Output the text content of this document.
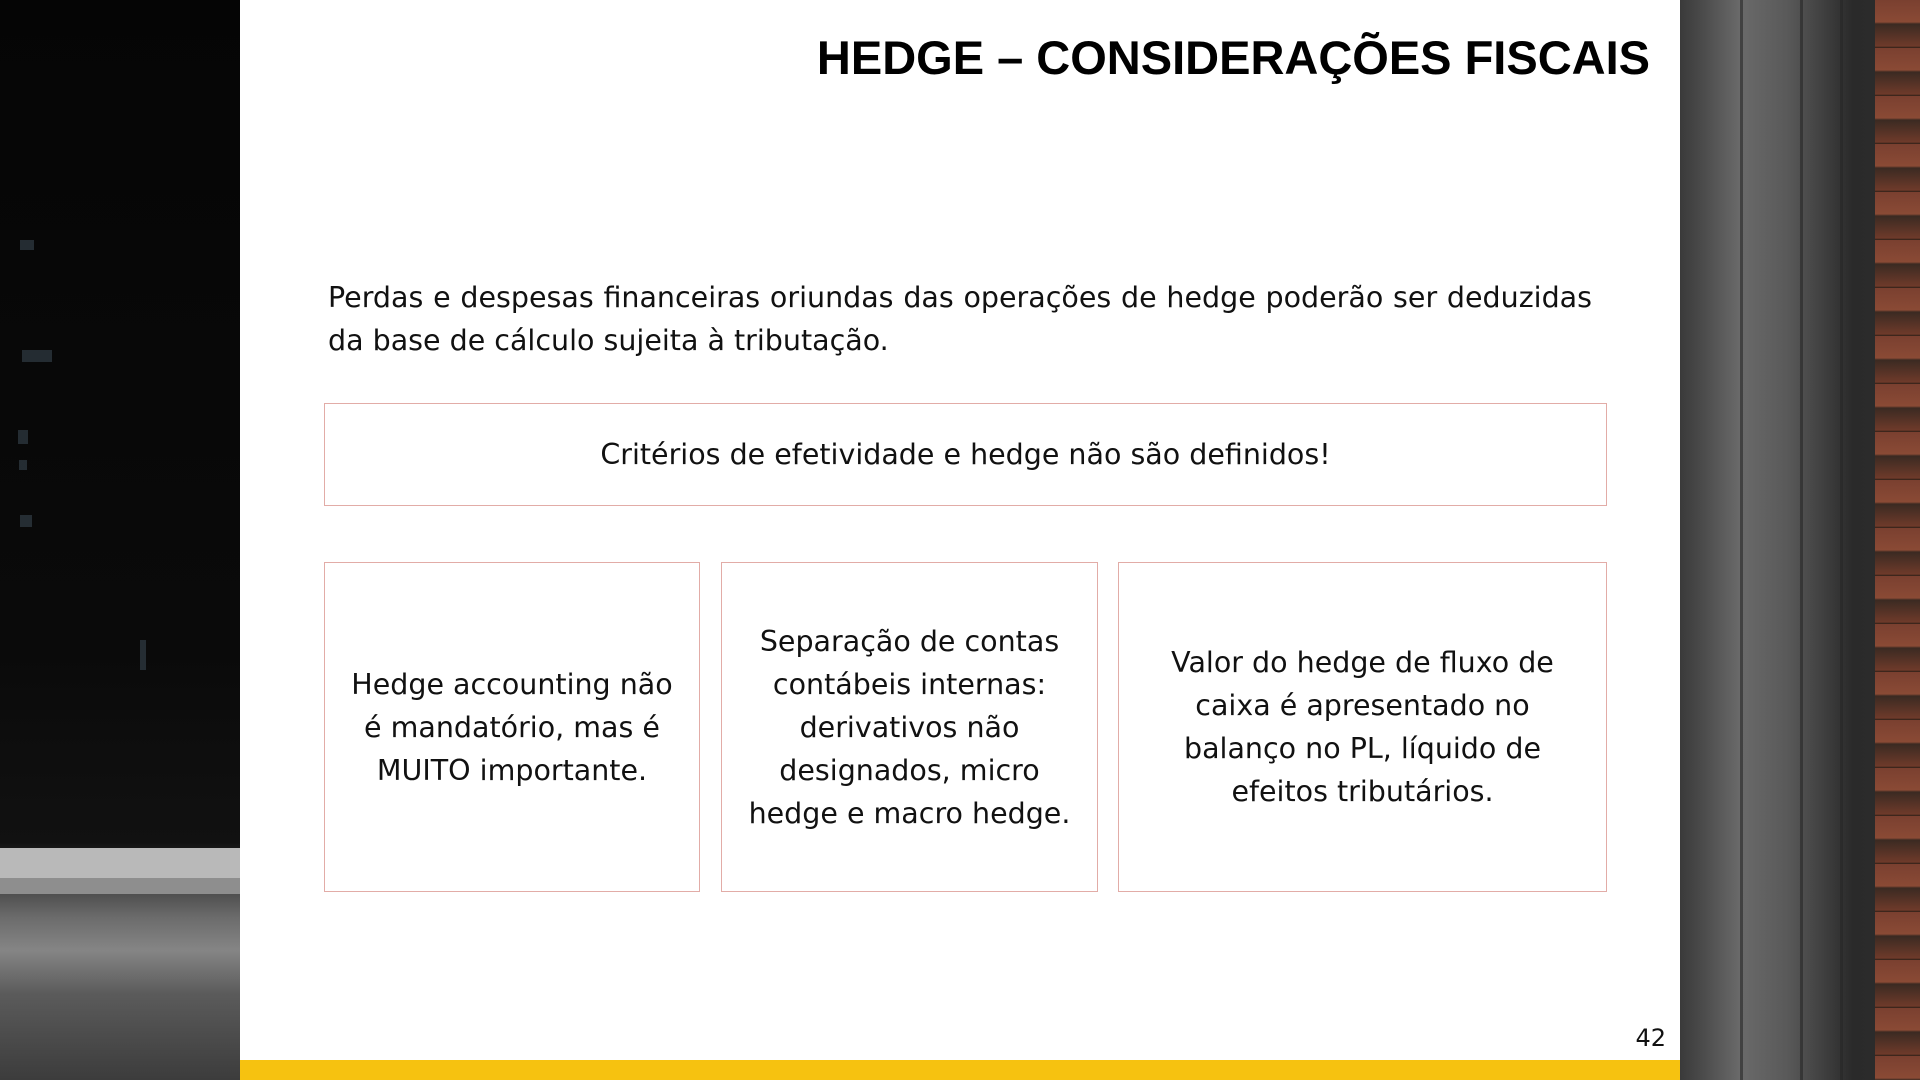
HEDGE – CONSIDERAÇÕES FISCAIS
Perdas e despesas financeiras oriundas das operações de hedge poderão ser deduzidas da base de cálculo sujeita à tributação.
Critérios de efetividade e hedge não são definidos!
Hedge accounting não é mandatório, mas é MUITO importante.
Separação de contas contábeis internas: derivativos não designados, micro hedge e macro hedge.
Valor do hedge de fluxo de caixa é apresentado no balanço no PL, líquido de efeitos tributários.
42
